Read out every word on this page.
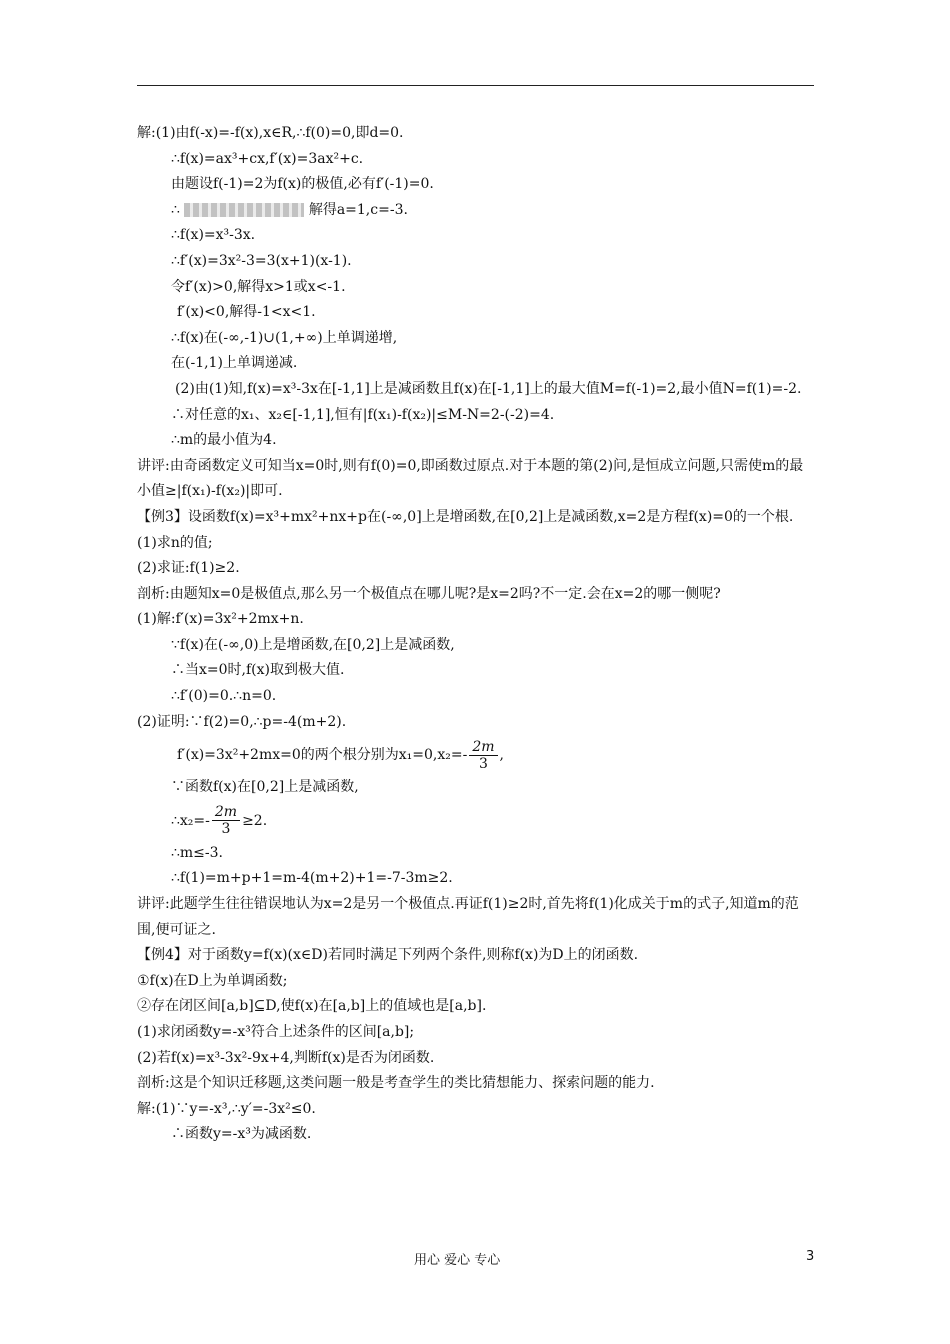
解:(1)由f(-x)=-f(x),x∈R,∴f(0)=0,即d=0.
∴f(x)=ax³+cx,f′(x)=3ax²+c.
由题设f(-1)=2为f(x)的极值,必有f′(-1)=0.
∴	解得a=1,c=-3.
∴f(x)=x³-3x.
∴f′(x)=3x²-3=3(x+1)(x-1).
令f′(x)>0,解得x>1或x<-1.
f′(x)<0,解得-1<x<1.
∴f(x)在(-∞,-1)∪(1,+∞)上单调递增,
在(-1,1)上单调递减.
(2)由(1)知,f(x)=x³-3x在[-1,1]上是减函数且f(x)在[-1,1]上的最大值M=f(-1)=2,最小值N=f(1)=-2.
∴对任意的x₁、x₂∈[-1,1],恒有|f(x₁)-f(x₂)|≤M-N=2-(-2)=4.
∴m的最小值为4.
讲评:由奇函数定义可知当x=0时,则有f(0)=0,即函数过原点.对于本题的第(2)问,是恒成立问题,只需使m的最小值≥|f(x₁)-f(x₂)|即可.
【例3】设函数f(x)=x³+mx²+nx+p在(-∞,0]上是增函数,在[0,2]上是减函数,x=2是方程f(x)=0的一个根.
(1)求n的值;
(2)求证:f(1)≥2.
剖析:由题知x=0是极值点,那么另一个极值点在哪儿呢?是x=2吗?不一定.会在x=2的哪一侧呢?
(1)解:f′(x)=3x²+2mx+n.
∵f(x)在(-∞,0)上是增函数,在[0,2]上是减函数,
∴当x=0时,f(x)取到极大值.
∴f′(0)=0.∴n=0.
(2)证明:∵f(2)=0,∴p=-4(m+2).
f′(x)=3x²+2mx=0的两个根分别为$x_1=0,x_2=- \frac{2m}{3}$ ,
∵函数f(x)在[0,2]上是减函数,
∴x₂=- $\frac{2m}{3} \ge 2$.
∴m≤-3.
∴f(1)=m+p+1=m-4(m+2)+1=-7-3m≥2.
讲评:此题学生往往错误地认为x=2是另一个极值点.再证f(1)≥2时,首先将f(1)化成关于m的式子,知道m的范围,便可证之.
【例4】对于函数y=f(x)(x∈D)若同时满足下列两个条件,则称f(x)为D上的闭函数.
①f(x)在D上为单调函数;
②存在闭区间[a,b]⊆D,使f(x)在[a,b]上的值域也是[a,b].
(1)求闭函数y=-x³符合上述条件的区间[a,b];
(2)若f(x)=x³-3x²-9x+4,判断f(x)是否为闭函数.
剖析:这是个知识迁移题,这类问题一般是考查学生的类比猜想能力、探索问题的能力.
解:(1)∵y=-x³,∴y′=-3x²≤0.
∴函数y=-x³为减函数.
用心 爱心 专心	3
